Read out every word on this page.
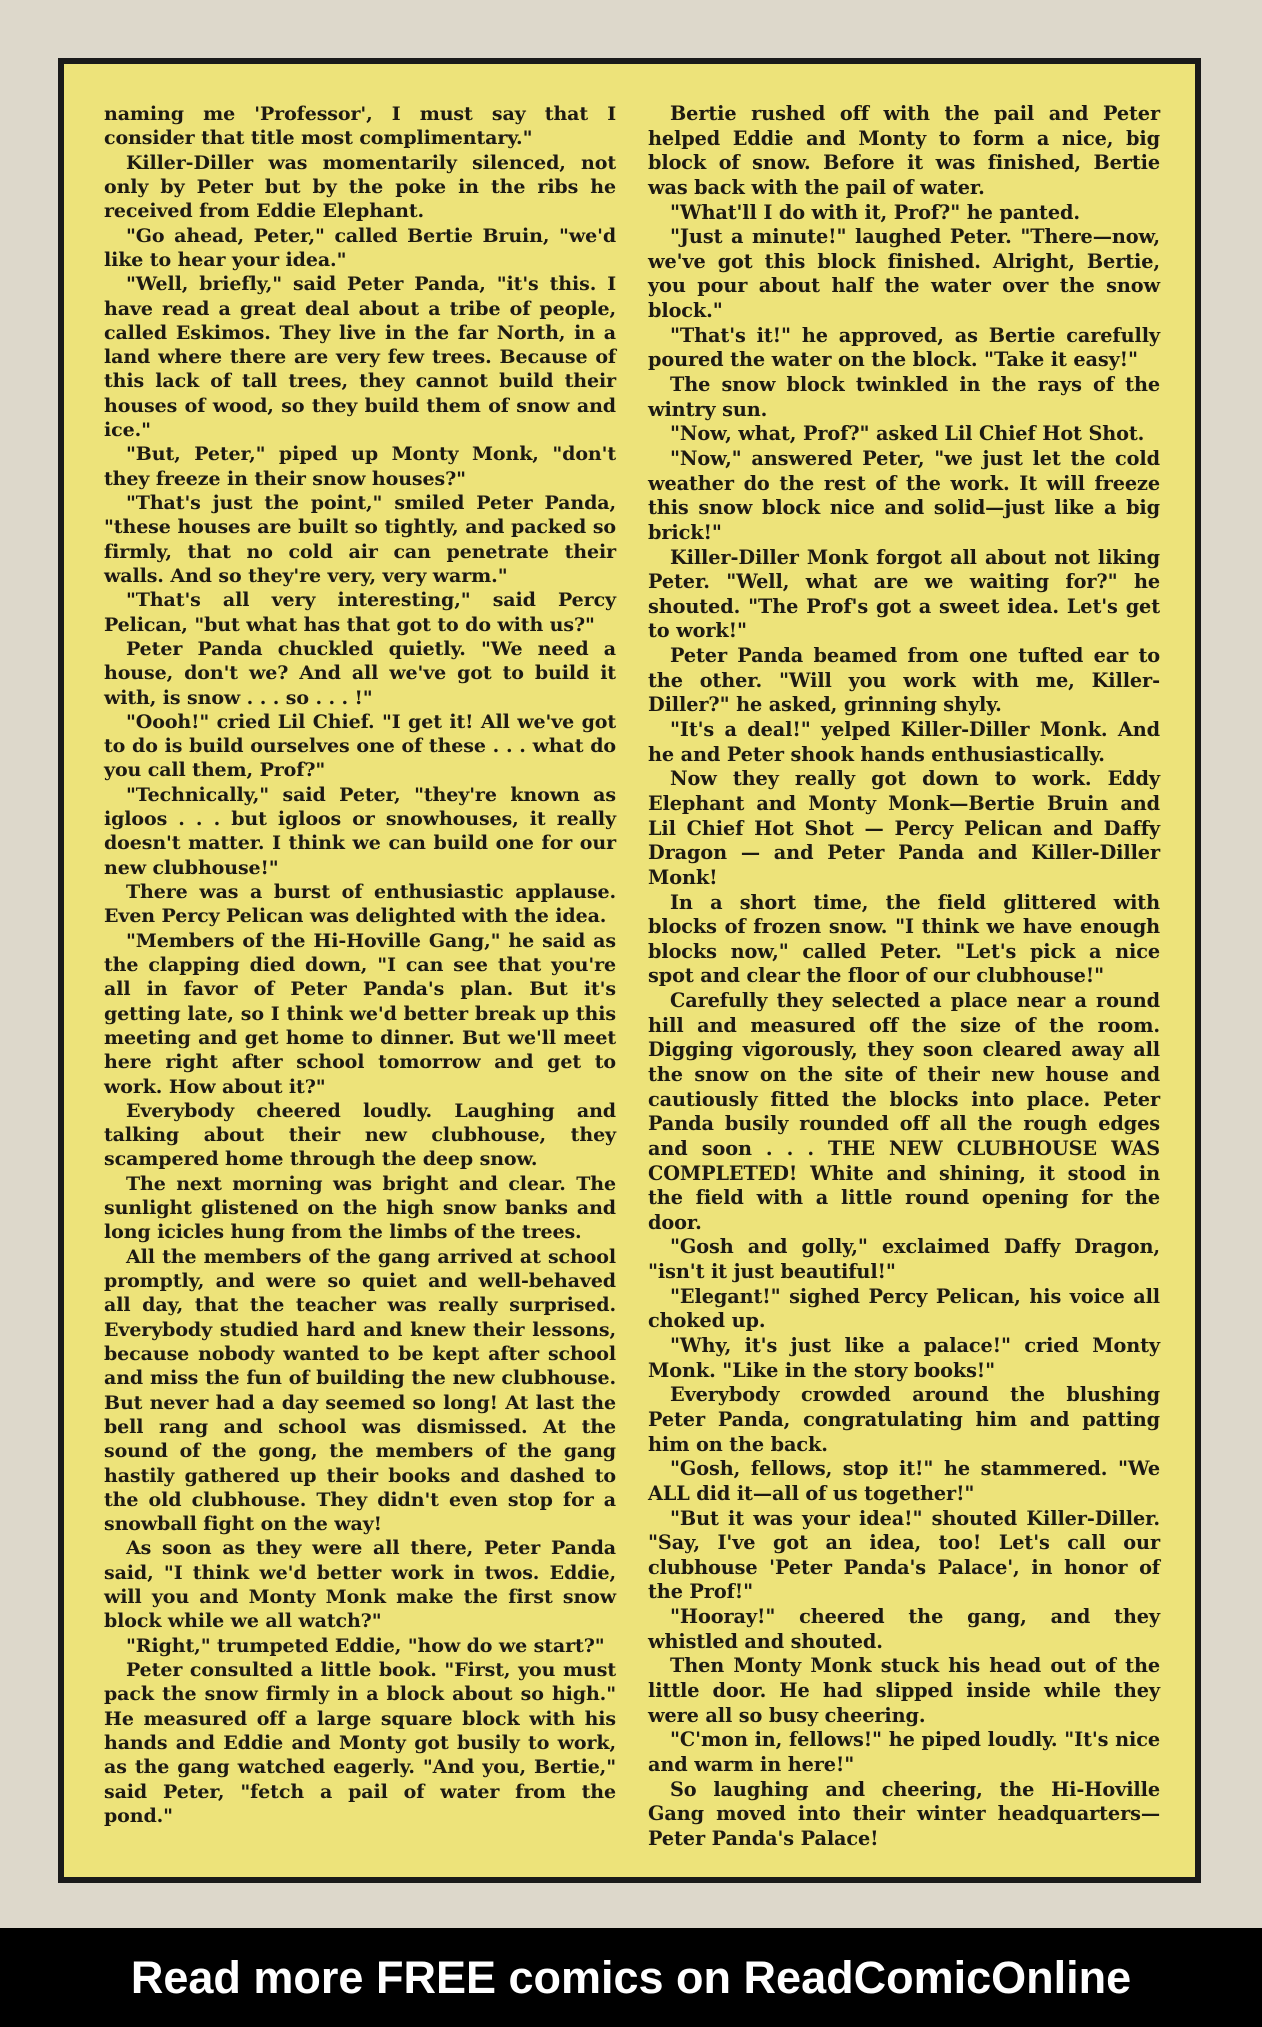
naming me 'Professor', I must say that I consider that title most complimentary."

Killer-Diller was momentarily silenced, not only by Peter but by the poke in the ribs he received from Eddie Elephant.

"Go ahead, Peter," called Bertie Bruin, "we'd like to hear your idea."

"Well, briefly," said Peter Panda, "it's this. I have read a great deal about a tribe of people, called Eskimos. They live in the far North, in a land where there are very few trees. Because of this lack of tall trees, they cannot build their houses of wood, so they build them of snow and ice."

"But, Peter," piped up Monty Monk, "don't they freeze in their snow houses?"

"That's just the point," smiled Peter Panda, "these houses are built so tightly, and packed so firmly, that no cold air can penetrate their walls. And so they're very, very warm."

"That's all very interesting," said Percy Pelican, "but what has that got to do with us?"

Peter Panda chuckled quietly. "We need a house, don't we? And all we've got to build it with, is snow . . . so . . . !"

"Oooh!" cried Lil Chief. "I get it! All we've got to do is build ourselves one of these . . . what do you call them, Prof?"

"Technically," said Peter, "they're known as igloos . . . but igloos or snowhouses, it really doesn't matter. I think we can build one for our new clubhouse!"

There was a burst of enthusiastic applause. Even Percy Pelican was delighted with the idea.

"Members of the Hi-Hoville Gang," he said as the clapping died down, "I can see that you're all in favor of Peter Panda's plan. But it's getting late, so I think we'd better break up this meeting and get home to dinner. But we'll meet here right after school tomorrow and get to work. How about it?"

Everybody cheered loudly. Laughing and talking about their new clubhouse, they scampered home through the deep snow.

The next morning was bright and clear. The sunlight glistened on the high snow banks and long icicles hung from the limbs of the trees.

All the members of the gang arrived at school promptly, and were so quiet and well-behaved all day, that the teacher was really surprised. Everybody studied hard and knew their lessons, because nobody wanted to be kept after school and miss the fun of building the new clubhouse. But never had a day seemed so long! At last the bell rang and school was dismissed. At the sound of the gong, the members of the gang hastily gathered up their books and dashed to the old clubhouse. They didn't even stop for a snowball fight on the way!

As soon as they were all there, Peter Panda said, "I think we'd better work in twos. Eddie, will you and Monty Monk make the first snow block while we all watch?"

"Right," trumpeted Eddie, "how do we start?"

Peter consulted a little book. "First, you must pack the snow firmly in a block about so high." He measured off a large square block with his hands and Eddie and Monty got busily to work, as the gang watched eagerly. "And you, Bertie," said Peter, "fetch a pail of water from the pond."

Bertie rushed off with the pail and Peter helped Eddie and Monty to form a nice, big block of snow. Before it was finished, Bertie was back with the pail of water.

"What'll I do with it, Prof?" he panted.

"Just a minute!" laughed Peter. "There—now, we've got this block finished. Alright, Bertie, you pour about half the water over the snow block."

"That's it!" he approved, as Bertie carefully poured the water on the block. "Take it easy!"

The snow block twinkled in the rays of the wintry sun.

"Now, what, Prof?" asked Lil Chief Hot Shot.

"Now," answered Peter, "we just let the cold weather do the rest of the work. It will freeze this snow block nice and solid—just like a big brick!"

Killer-Diller Monk forgot all about not liking Peter. "Well, what are we waiting for?" he shouted. "The Prof's got a sweet idea. Let's get to work!"

Peter Panda beamed from one tufted ear to the other. "Will you work with me, Killer-Diller?" he asked, grinning shyly.

"It's a deal!" yelped Killer-Diller Monk. And he and Peter shook hands enthusiastically.

Now they really got down to work. Eddy Elephant and Monty Monk—Bertie Bruin and Lil Chief Hot Shot — Percy Pelican and Daffy Dragon — and Peter Panda and Killer-Diller Monk!

In a short time, the field glittered with blocks of frozen snow. "I think we have enough blocks now," called Peter. "Let's pick a nice spot and clear the floor of our clubhouse!"

Carefully they selected a place near a round hill and measured off the size of the room. Digging vigorously, they soon cleared away all the snow on the site of their new house and cautiously fitted the blocks into place. Peter Panda busily rounded off all the rough edges and soon . . . THE NEW CLUBHOUSE WAS COMPLETED! White and shining, it stood in the field with a little round opening for the door.

"Gosh and golly," exclaimed Daffy Dragon, "isn't it just beautiful!"

"Elegant!" sighed Percy Pelican, his voice all choked up.

"Why, it's just like a palace!" cried Monty Monk. "Like in the story books!"

Everybody crowded around the blushing Peter Panda, congratulating him and patting him on the back.

"Gosh, fellows, stop it!" he stammered. "We ALL did it—all of us together!"

"But it was your idea!" shouted Killer-Diller. "Say, I've got an idea, too! Let's call our clubhouse 'Peter Panda's Palace', in honor of the Prof!"

"Hooray!" cheered the gang, and they whistled and shouted.

Then Monty Monk stuck his head out of the little door. He had slipped inside while they were all so busy cheering.

"C'mon in, fellows!" he piped loudly. "It's nice and warm in here!"

So laughing and cheering, the Hi-Hoville Gang moved into their winter headquarters—Peter Panda's Palace!

Read more FREE comics on ReadComicOnline
